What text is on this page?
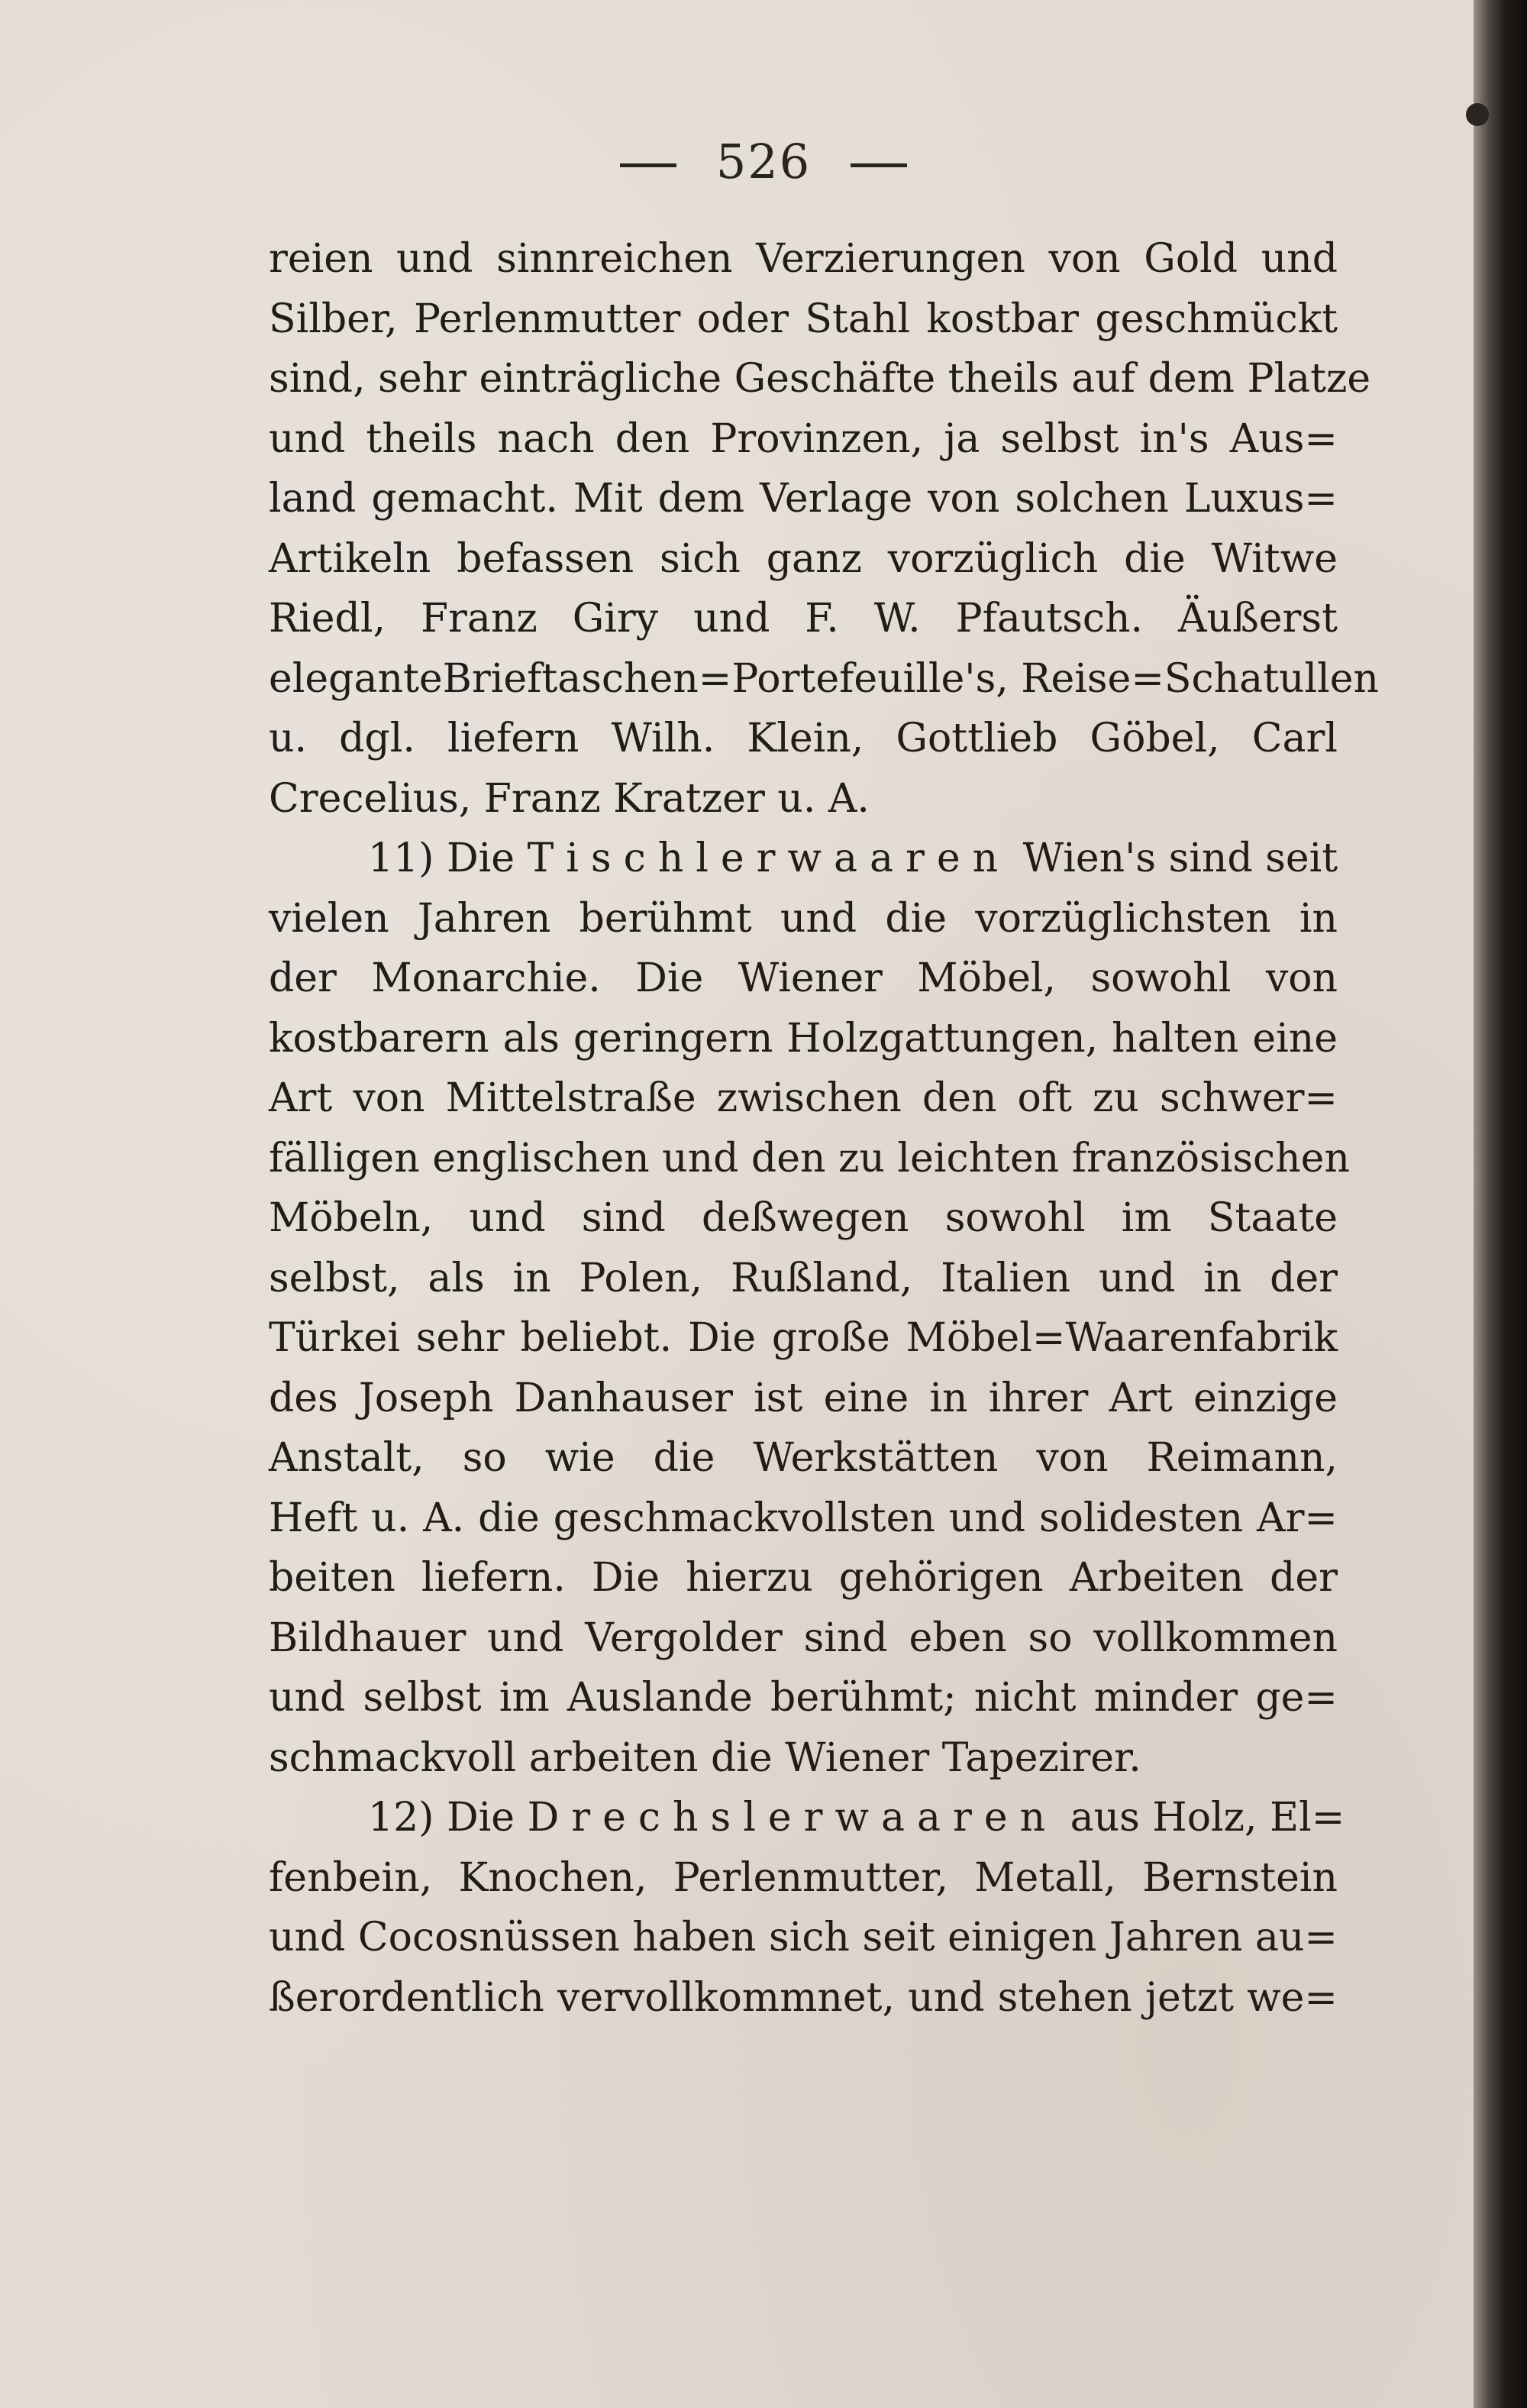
526
reien und sinnreichen Verzierungen von Gold und
Silber, Perlenmutter oder Stahl kostbar geschmückt
sind, sehr einträgliche Geschäfte theils auf dem Platze
und theils nach den Provinzen, ja selbst in's Aus=
land gemacht. Mit dem Verlage von solchen Luxus=
Artikeln befassen sich ganz vorzüglich die Witwe
Riedl, Franz Giry und F. W. Pfautsch. Äußerst
eleganteBrieftaschen=Portefeuille's, Reise=Schatullen
u. dgl. liefern Wilh. Klein, Gottlieb Göbel, Carl
Crecelius, Franz Kratzer u. A.
11) Die Tischlerwaaren Wien's sind seit
vielen Jahren berühmt und die vorzüglichsten in
der Monarchie. Die Wiener Möbel, sowohl von
kostbarern als geringern Holzgattungen, halten eine
Art von Mittelstraße zwischen den oft zu schwer=
fälligen englischen und den zu leichten französischen
Möbeln, und sind deßwegen sowohl im Staate
selbst, als in Polen, Rußland, Italien und in der
Türkei sehr beliebt. Die große Möbel=Waarenfabrik
des Joseph Danhauser ist eine in ihrer Art einzige
Anstalt, so wie die Werkstätten von Reimann,
Heft u. A. die geschmackvollsten und solidesten Ar=
beiten liefern. Die hierzu gehörigen Arbeiten der
Bildhauer und Vergolder sind eben so vollkommen
und selbst im Auslande berühmt; nicht minder ge=
schmackvoll arbeiten die Wiener Tapezirer.
12) Die Drechslerwaaren aus Holz, El=
fenbein, Knochen, Perlenmutter, Metall, Bernstein
und Cocosnüssen haben sich seit einigen Jahren au=
ßerordentlich vervollkommnet, und stehen jetzt we=
